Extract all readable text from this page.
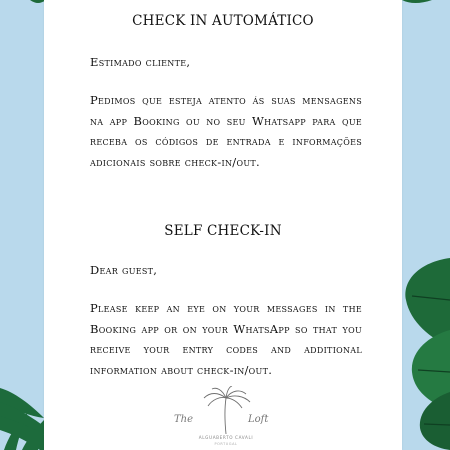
CHECK IN AUTOMÁTICO
Estimado cliente,
Pedimos que esteja atento ás suas mensagens na app Booking ou no seu Whatsapp para que receba os códigos de entrada e informações adicionais sobre check-in/out.
SELF CHECK-IN
Dear guest,
Please keep an eye on your messages in the Booking app or on your WhatsApp so that you receive your entry codes and additional information about check-in/out.
The	Loft
ALGUABERTO CAVALI
PORTUGAL
